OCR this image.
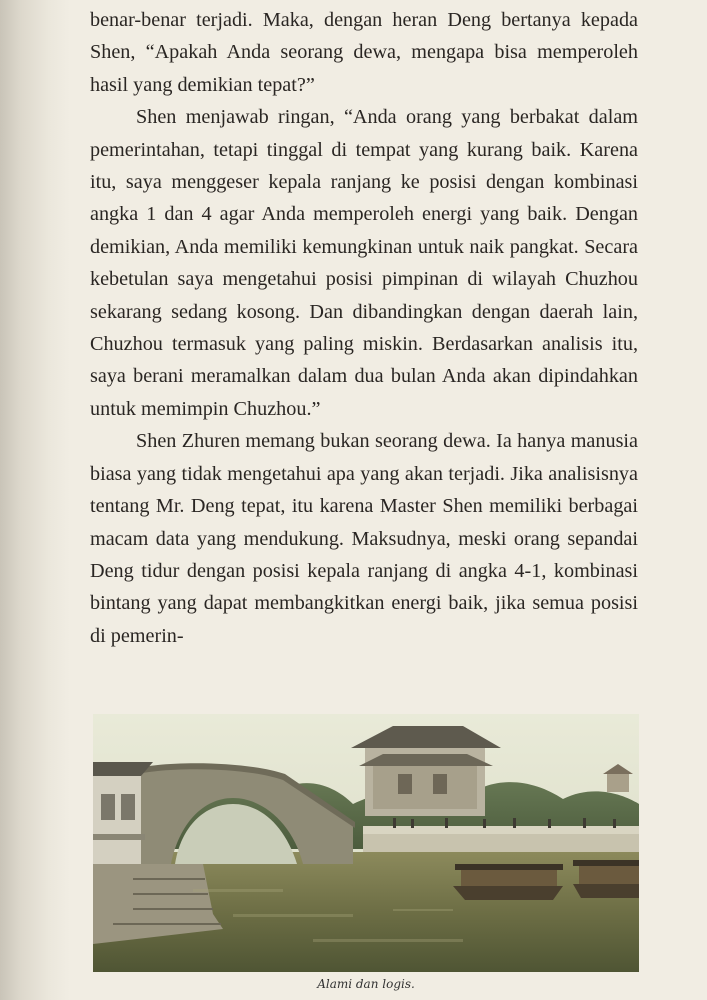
benar-benar terjadi. Maka, dengan heran Deng bertanya kepada Shen, “Apakah Anda seorang dewa, mengapa bisa memperoleh hasil yang demikian tepat?”

Shen menjawab ringan, “Anda orang yang berbakat dalam pemerintahan, tetapi tinggal di tempat yang kurang baik. Karena itu, saya menggeser kepala ranjang ke posisi dengan kombinasi angka 1 dan 4 agar Anda memperoleh energi yang baik. Dengan demikian, Anda memiliki kemungkinan untuk naik pangkat. Secara kebetulan saya mengetahui posisi pimpinan di wilayah Chuzhou sekarang sedang kosong. Dan dibandingkan dengan daerah lain, Chuzhou termasuk yang paling miskin. Berdasarkan analisis itu, saya berani meramalkan dalam dua bulan Anda akan dipindahkan untuk memimpin Chuzhou.”

Shen Zhuren memang bukan seorang dewa. Ia hanya manusia biasa yang tidak mengetahui apa yang akan terjadi. Jika analisisnya tentang Mr. Deng tepat, itu karena Master Shen memiliki berbagai macam data yang mendukung. Maksudnya, meski orang sepandai Deng tidur dengan posisi kepala ranjang di angka 4-1, kombinasi bintang yang dapat membangkitkan energi baik, jika semua posisi di pemerin-

Alami dan logis.
